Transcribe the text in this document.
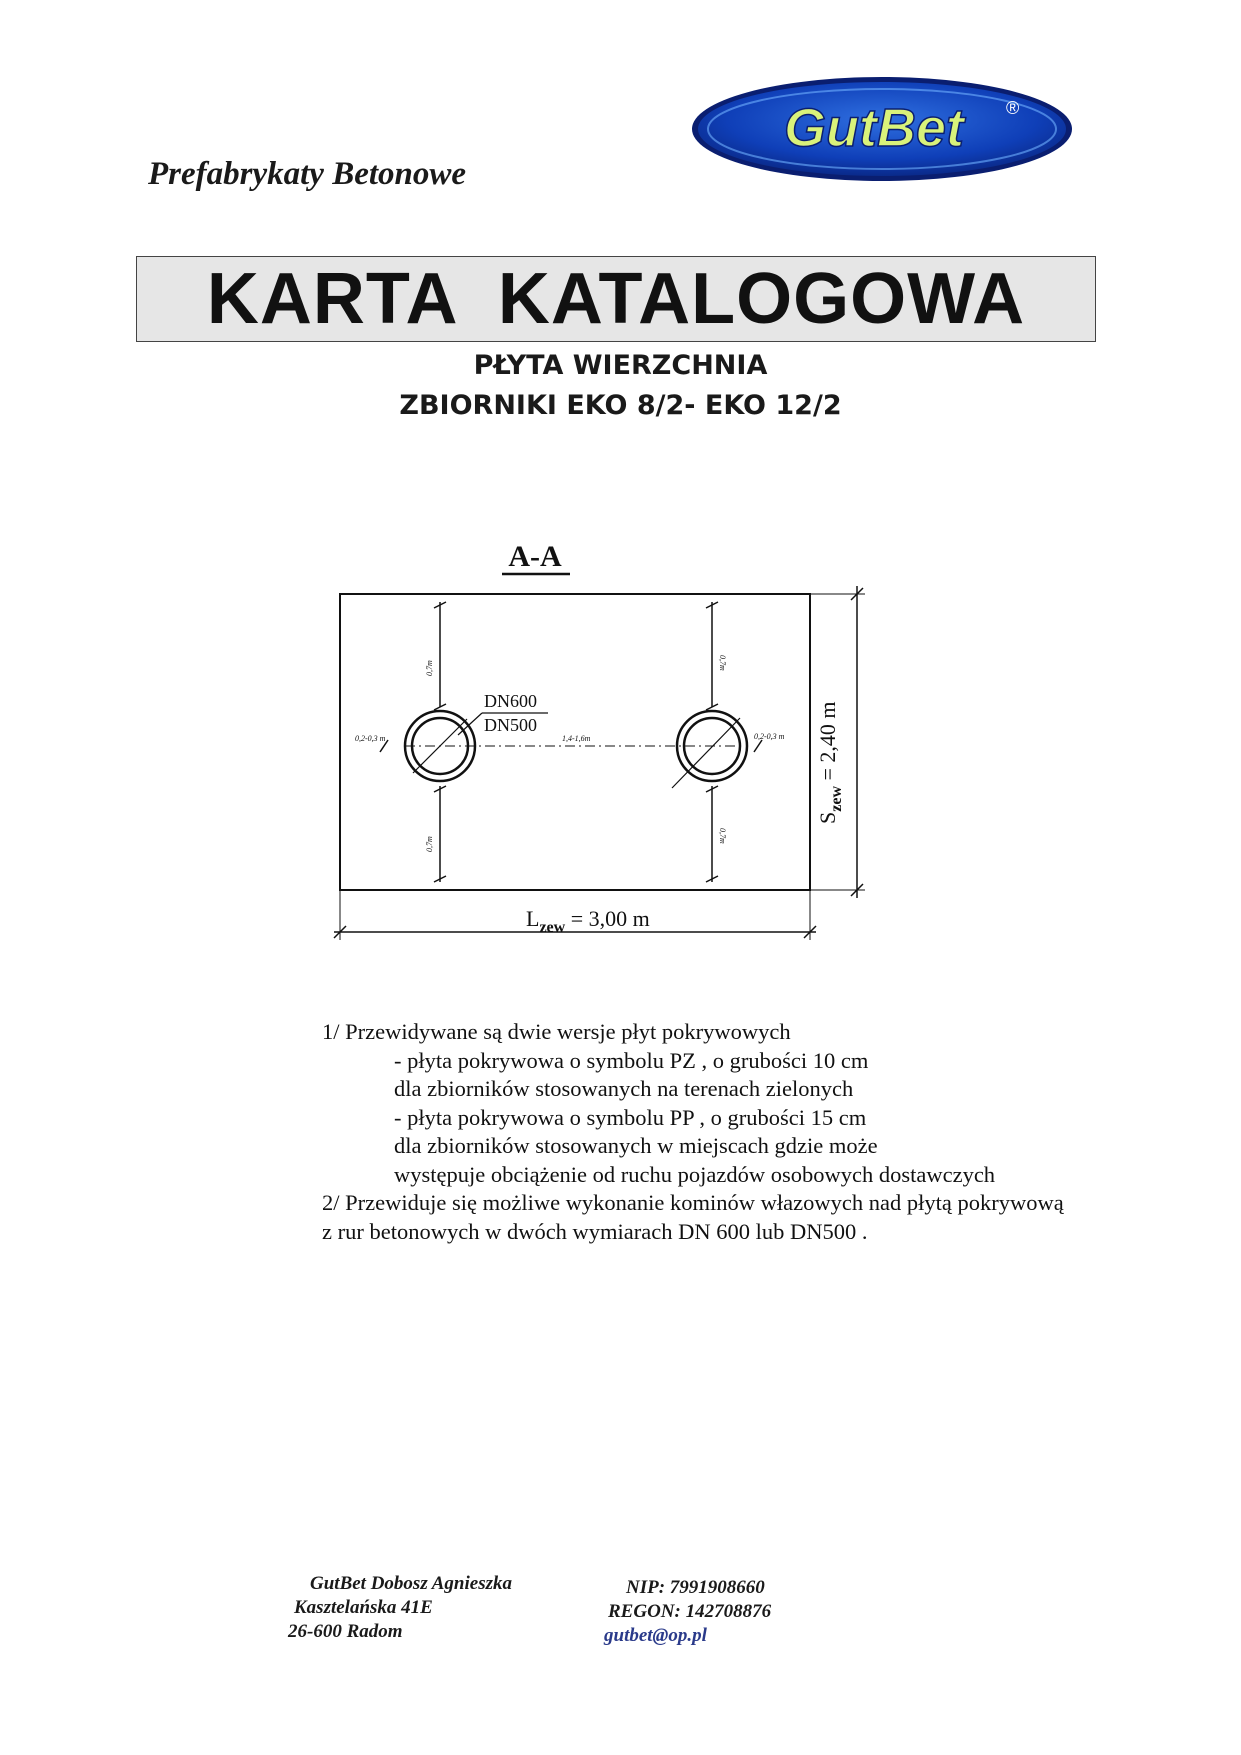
Prefabrykaty Betonowe
GutBet ®
KARTA  KATALOGOWA
PŁYTA WIERZCHNIA
ZBIORNIKI EKO 8/2- EKO 12/2
A-A
DN600
DN500
0,2-0,3 m	0,2-0,3 m
1,4-1,6m
0,7m
0,7m
0,7m
0,7m
$L_{zew} = 3,00$ m
$S_{zew} = 2,40$ m
1/ Przewidywane są dwie wersje płyt pokrywowych
- płyta pokrywowa o symbolu PZ , o grubości 10 cm
dla zbiorników stosowanych na terenach zielonych
- płyta pokrywowa o symbolu PP , o grubości 15 cm
dla zbiorników stosowanych w miejscach gdzie może
występuje obciążenie od ruchu pojazdów osobowych dostawczych
2/ Przewiduje się możliwe wykonanie kominów włazowych nad płytą pokrywową
z rur betonowych w dwóch wymiarach DN 600 lub DN500 .
GutBet Dobosz Agnieszka
Kasztelańska 41E
26-600 Radom
NIP: 7991908660
REGON: 142708876
gutbet@op.pl
